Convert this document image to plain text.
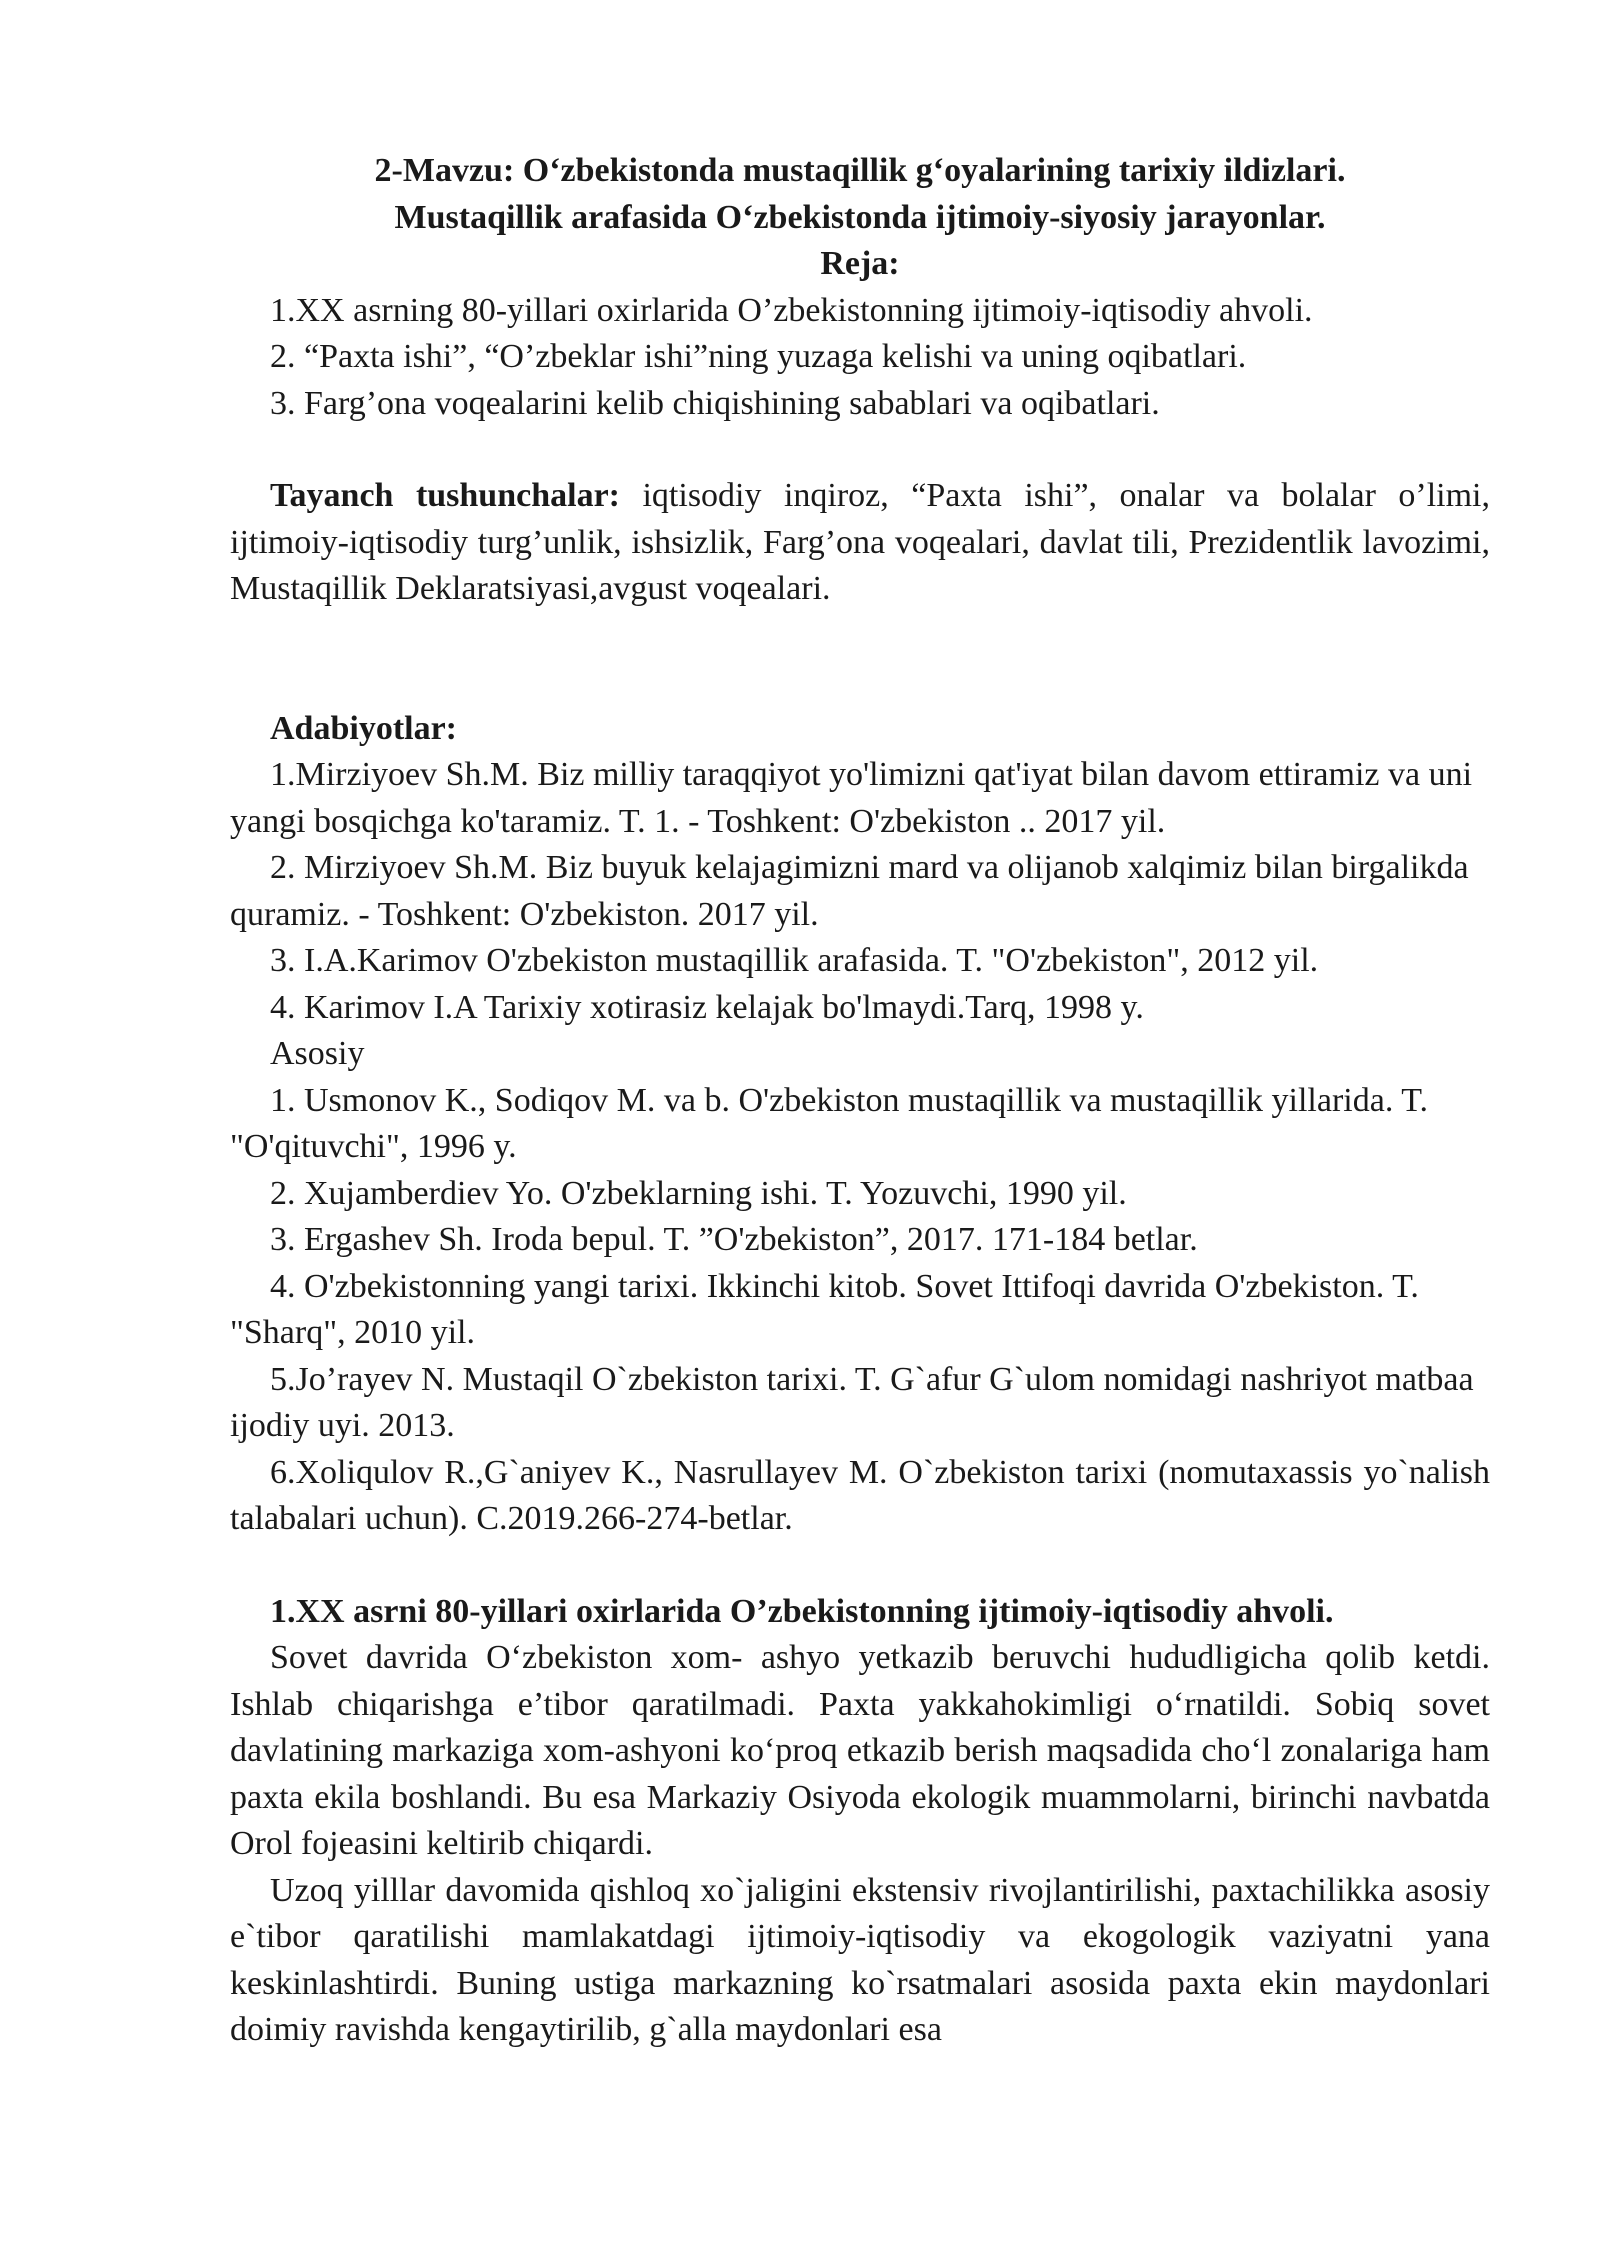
2-Mavzu: O‘zbekistonda mustaqillik g‘oyalarining tarixiy ildizlari.

Mustaqillik arafasida O‘zbekistonda ijtimoiy-siyosiy jarayonlar.

Reja:

1.XX asrning 80-yillari oxirlarida O’zbekistonning ijtimoiy-iqtisodiy ahvoli.

2. “Paxta ishi”, “O’zbeklar ishi”ning yuzaga kelishi va uning oqibatlari.

3. Farg’ona voqealarini kelib chiqishining sabablari va oqibatlari.

Tayanch tushunchalar: iqtisodiy inqiroz, “Paxta ishi”, onalar va bolalar o’limi, ijtimoiy-iqtisodiy turg’unlik, ishsizlik, Farg’ona voqealari, davlat tili, Prezidentlik lavozimi, Mustaqillik Deklaratsiyasi,avgust voqealari.

Adabiyotlar:

1.Mirziyoev Sh.M. Biz milliy taraqqiyot yo'limizni qat'iyat bilan davom ettiramiz va uni yangi bosqichga ko'taramiz. T. 1. - Toshkent: O'zbekiston .. 2017 yil.

2. Mirziyoev Sh.M. Biz buyuk kelajagimizni mard va olijanob xalqimiz bilan birgalikda quramiz. - Toshkent: O'zbekiston. 2017 yil.

3. I.A.Karimov O'zbekiston mustaqillik arafasida. T. "O'zbekiston", 2012 yil.

4. Karimov I.A Tarixiy xotirasiz kelajak bo'lmaydi.Tarq, 1998 y.

Asosiy

1. Usmonov K., Sodiqov M. va b. O'zbekiston mustaqillik va mustaqillik yillarida. T. "O'qituvchi", 1996 y.

2. Xujamberdiev Yo. O'zbeklarning ishi. T. Yozuvchi, 1990 yil.

3. Ergashev Sh. Iroda bepul. T. ”O'zbekiston”, 2017. 171-184 betlar.

4. O'zbekistonning yangi tarixi. Ikkinchi kitob. Sovet Ittifoqi davrida O'zbekiston. T. "Sharq", 2010 yil.

5.Jo’rayev N. Mustaqil O`zbekiston tarixi. T. G`afur G`ulom nomidagi nashriyot matbaa ijodiy uyi. 2013.

6.Xoliqulov R.,G`aniyev K., Nasrullayev M. O`zbekiston tarixi (nomutaxassis yo`nalish talabalari uchun). C.2019.266-274-betlar.

1.XX asrni 80-yillari oxirlarida O’zbekistonning ijtimoiy-iqtisodiy ahvoli.

Sovet davrida O‘zbekiston xom- ashyo yetkazib beruvchi hududligicha qolib ketdi. Ishlab chiqarishga e’tibor qaratilmadi. Paxta yakkahokimligi o‘rnatildi. Sobiq sovet davlatining markaziga xom-ashyoni ko‘proq etkazib berish maqsadida cho‘l zonalariga ham paxta ekila boshlandi. Bu esa Markaziy Osiyoda ekologik muammolarni, birinchi navbatda Orol fojeasini keltirib chiqardi.

Uzoq yilllar davomida qishloq xo`jaligini ekstensiv rivojlantirilishi, paxtachilikka asosiy e`tibor qaratilishi mamlakatdagi ijtimoiy-iqtisodiy va ekogologik vaziyatni yana keskinlashtirdi. Buning ustiga markazning ko`rsatmalari asosida paxta ekin maydonlari doimiy ravishda kengaytirilib, g`alla maydonlari esa
